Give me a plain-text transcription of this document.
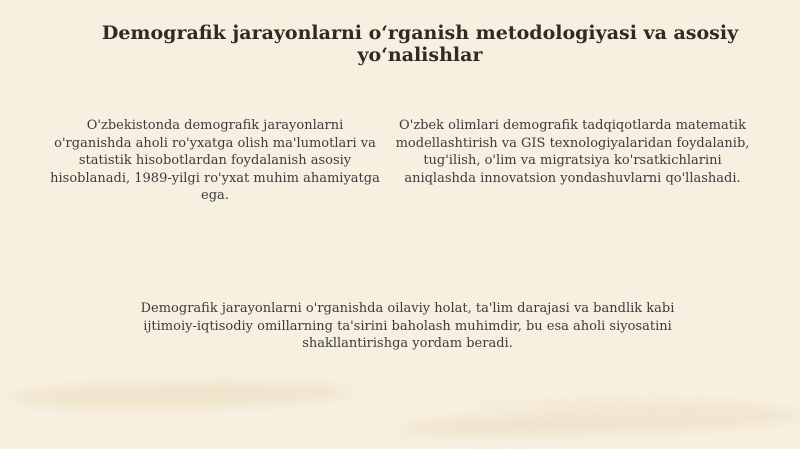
Demografik jarayonlarni o‘rganish metodologiyasi va asosiy yo‘nalishlar

O'zbekistonda demografik jarayonlarni o'rganishda aholi ro'yxatga olish ma'lumotlari va statistik hisobotlardan foydalanish asosiy hisoblanadi, 1989-yilgi ro'yxat muhim ahamiyatga ega.

O'zbek olimlari demografik tadqiqotlarda matematik modellashtirish va GIS texnologiyalaridan foydalanib, tug'ilish, o'lim va migratsiya ko'rsatkichlarini aniqlashda innovatsion yondashuvlarni qo'llashadi.

Demografik jarayonlarni o'rganishda oilaviy holat, ta'lim darajasi va bandlik kabi ijtimoiy-iqtisodiy omillarning ta'sirini baholash muhimdir, bu esa aholi siyosatini shakllantirishga yordam beradi.
